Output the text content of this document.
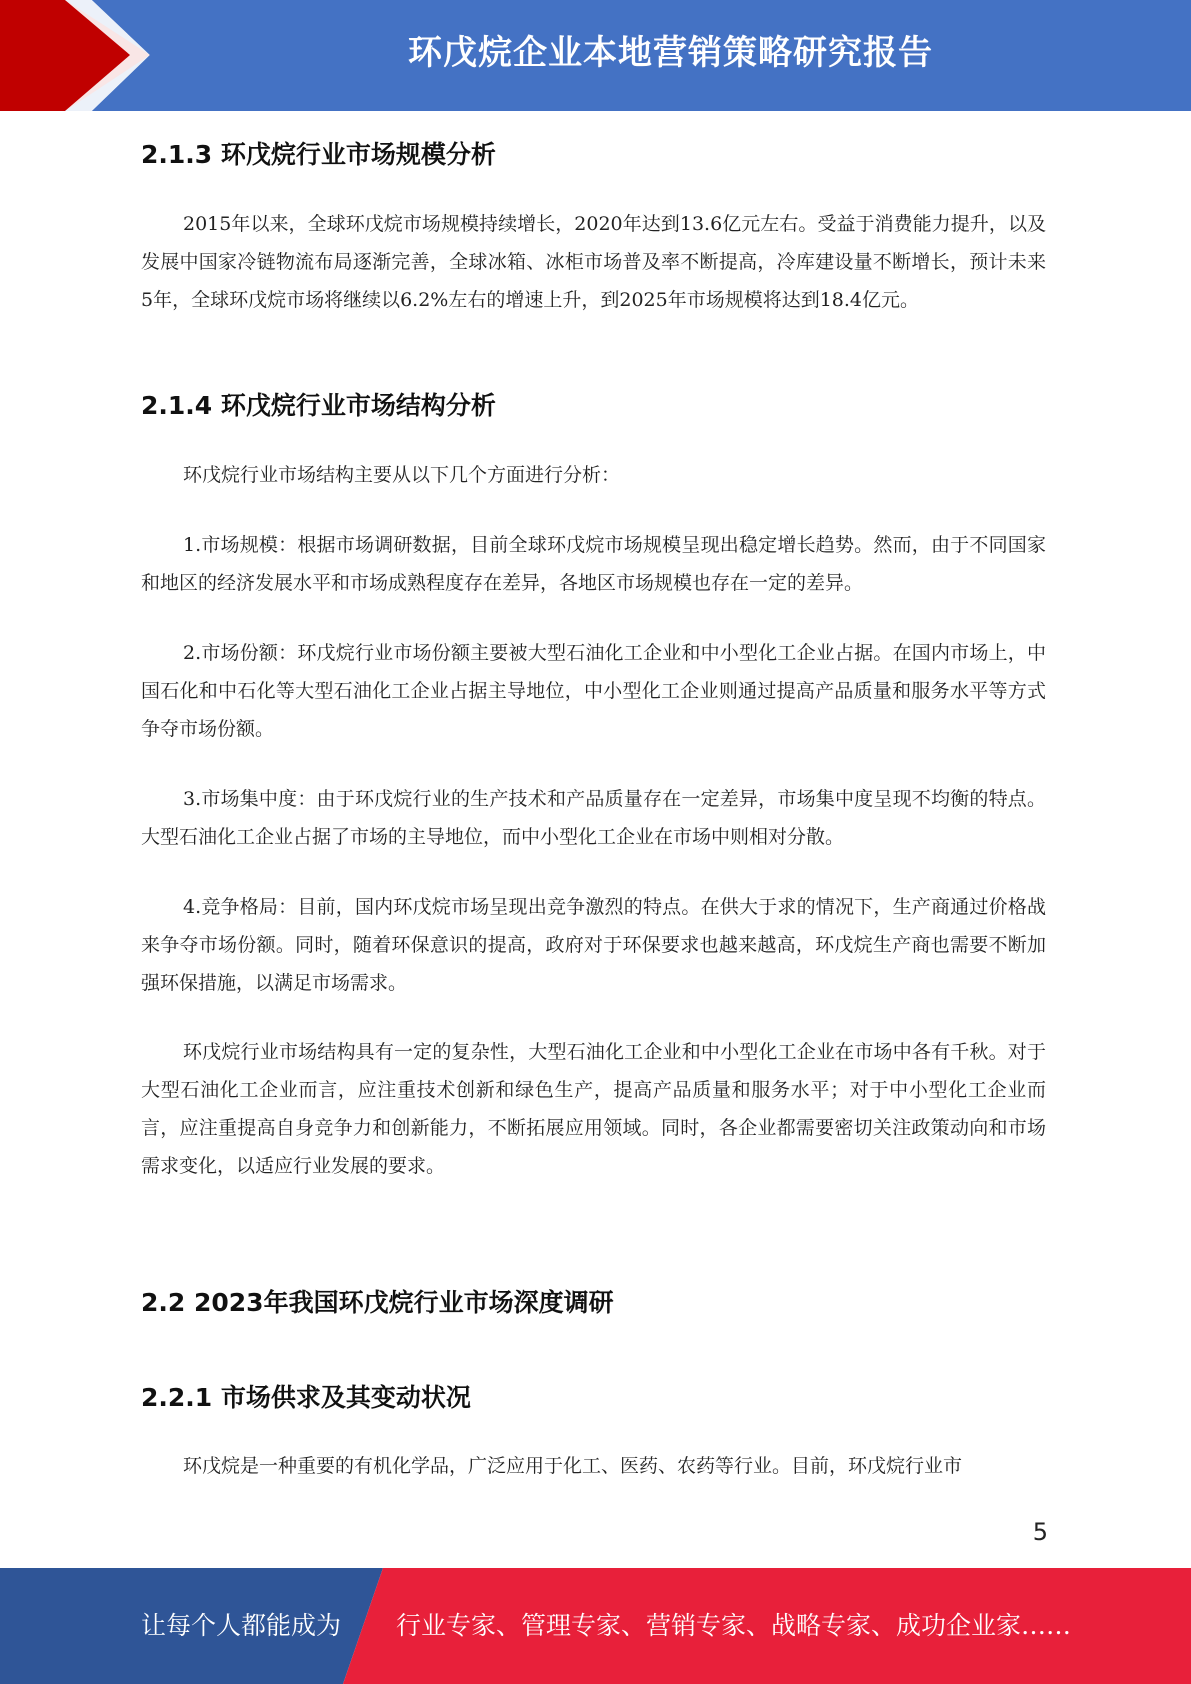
环戊烷企业本地营销策略研究报告
2.1.3 环戊烷行业市场规模分析

2015年以来，全球环戊烷市场规模持续增长，2020年达到13.6亿元左右。受益于消费能力提升，以及发展中国家冷链物流布局逐渐完善，全球冰箱、冰柜市场普及率不断提高，冷库建设量不断增长，预计未来5年，全球环戊烷市场将继续以6.2%左右的增速上升，到2025年市场规模将达到18.4亿元。

2.1.4 环戊烷行业市场结构分析

环戊烷行业市场结构主要从以下几个方面进行分析：

1.市场规模：根据市场调研数据，目前全球环戊烷市场规模呈现出稳定增长趋势。然而，由于不同国家和地区的经济发展水平和市场成熟程度存在差异，各地区市场规模也存在一定的差异。

2.市场份额：环戊烷行业市场份额主要被大型石油化工企业和中小型化工企业占据。在国内市场上，中国石化和中石化等大型石油化工企业占据主导地位，中小型化工企业则通过提高产品质量和服务水平等方式争夺市场份额。

3.市场集中度：由于环戊烷行业的生产技术和产品质量存在一定差异，市场集中度呈现不均衡的特点。大型石油化工企业占据了市场的主导地位，而中小型化工企业在市场中则相对分散。

4.竞争格局：目前，国内环戊烷市场呈现出竞争激烈的特点。在供大于求的情况下，生产商通过价格战来争夺市场份额。同时，随着环保意识的提高，政府对于环保要求也越来越高，环戊烷生产商也需要不断加强环保措施，以满足市场需求。

环戊烷行业市场结构具有一定的复杂性，大型石油化工企业和中小型化工企业在市场中各有千秋。对于大型石油化工企业而言，应注重技术创新和绿色生产，提高产品质量和服务水平；对于中小型化工企业而言，应注重提高自身竞争力和创新能力，不断拓展应用领域。同时，各企业都需要密切关注政策动向和市场需求变化，以适应行业发展的要求。

2.2 2023年我国环戊烷行业市场深度调研
2.2.1 市场供求及其变动状况

环戊烷是一种重要的有机化学品，广泛应用于化工、医药、农药等行业。目前，环戊烷行业市

5
让每个人都能成为 行业专家、管理专家、营销专家、战略专家、成功企业家……
